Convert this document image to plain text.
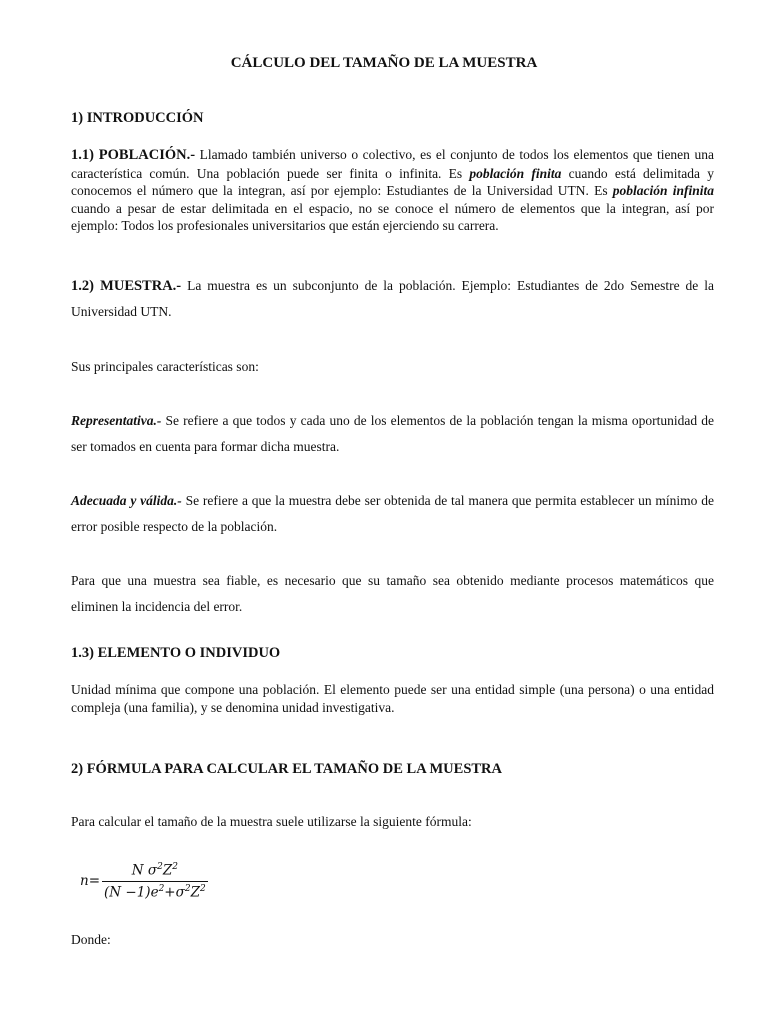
CÁLCULO DEL TAMAÑO DE LA MUESTRA
1) INTRODUCCIÓN

1.1) POBLACIÓN.- Llamado también universo o colectivo, es el conjunto de todos los elementos que tienen una característica común. Una población puede ser finita o infinita. Es población finita cuando está delimitada y conocemos el número que la integran, así por ejemplo: Estudiantes de la Universidad UTN. Es población infinita cuando a pesar de estar delimitada en el espacio, no se conoce el número de elementos que la integran, así por ejemplo: Todos los profesionales universitarios que están ejerciendo su carrera.

1.2) MUESTRA.- La muestra es un subconjunto de la población. Ejemplo: Estudiantes de 2do Semestre de la Universidad UTN.

Sus principales características son:

Representativa.- Se refiere a que todos y cada uno de los elementos de la población tengan la misma oportunidad de ser tomados en cuenta para formar dicha muestra.

Adecuada y válida.- Se refiere a que la muestra debe ser obtenida de tal manera que permita establecer un mínimo de error posible respecto de la población.

Para que una muestra sea fiable, es necesario que su tamaño sea obtenido mediante procesos matemáticos que eliminen la incidencia del error.

1.3) ELEMENTO O INDIVIDUO

Unidad mínima que compone una población. El elemento puede ser una entidad simple (una persona) o una entidad compleja (una familia), y se denomina unidad investigativa.

2) FÓRMULA PARA CALCULAR EL TAMAÑO DE LA MUESTRA

Para calcular el tamaño de la muestra suele utilizarse la siguiente fórmula:

$n= \frac{N \sigma^2Z^2}{(N -1)e^2+\sigma^2Z^2}$

Donde:
